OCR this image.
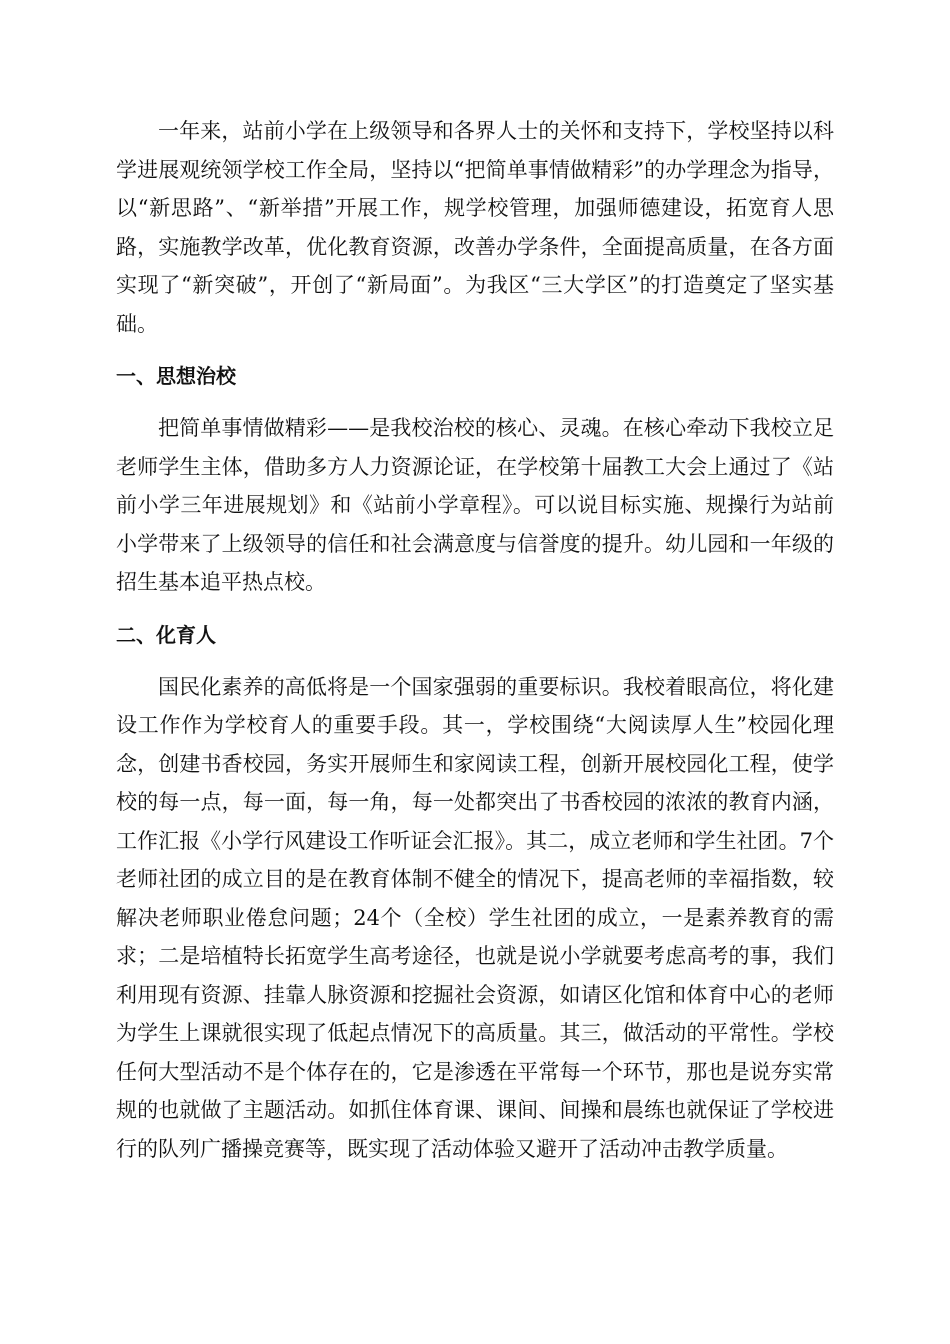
一年来，站前小学在上级领导和各界人士的关怀和支持下，学校坚持以科学进展观统领学校工作全局，坚持以“把简单事情做精彩”的办学理念为指导，以“新思路”、“新举措”开展工作，规学校管理，加强师德建设，拓宽育人思路，实施教学改革，优化教育资源，改善办学条件，全面提高质量，在各方面实现了“新突破”，开创了“新局面”。为我区“三大学区”的打造奠定了坚实基础。

一、思想治校

把简单事情做精彩——是我校治校的核心、灵魂。在核心牵动下我校立足老师学生主体，借助多方人力资源论证，在学校第十届教工大会上通过了《站前小学三年进展规划》和《站前小学章程》。可以说目标实施、规操行为站前小学带来了上级领导的信任和社会满意度与信誉度的提升。幼儿园和一年级的招生基本追平热点校。

二、化育人

国民化素养的高低将是一个国家强弱的重要标识。我校着眼高位，将化建设工作作为学校育人的重要手段。其一，学校围绕“大阅读厚人生”校园化理念，创建书香校园，务实开展师生和家阅读工程，创新开展校园化工程，使学校的每一点，每一面，每一角，每一处都突出了书香校园的浓浓的教育内涵，工作汇报《小学行风建设工作听证会汇报》。其二，成立老师和学生社团。7个老师社团的成立目的是在教育体制不健全的情况下，提高老师的幸福指数，较解决老师职业倦怠问题；24个（全校）学生社团的成立，一是素养教育的需求；二是培植特长拓宽学生高考途径，也就是说小学就要考虑高考的事，我们利用现有资源、挂靠人脉资源和挖掘社会资源，如请区化馆和体育中心的老师为学生上课就很实现了低起点情况下的高质量。其三，做活动的平常性。学校任何大型活动不是个体存在的，它是渗透在平常每一个环节，那也是说夯实常规的也就做了主题活动。如抓住体育课、课间、间操和晨练也就保证了学校进行的队列广播操竞赛等，既实现了活动体验又避开了活动冲击教学质量。
